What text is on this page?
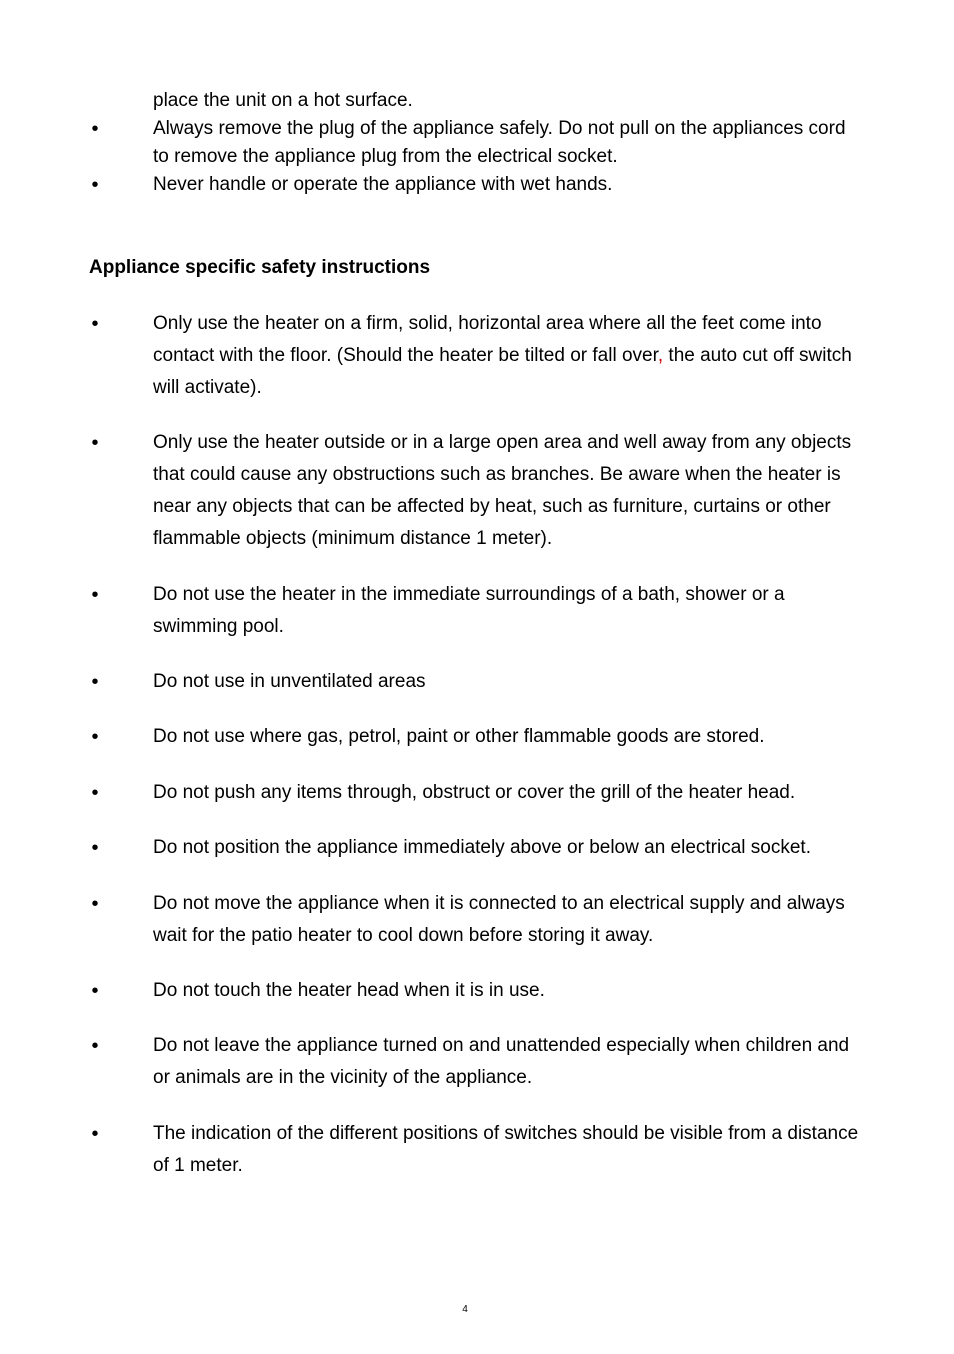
place the unit on a hot surface.
•	Always remove the plug of the appliance safely. Do not pull on the appliances cord to remove the appliance plug from the electrical socket.
•	Never handle or operate the appliance with wet hands.
Appliance specific safety instructions
•	Only use the heater on a firm, solid, horizontal area where all the feet come into contact with the floor. (Should the heater be tilted or fall over, the auto cut off switch will activate).
•	Only use the heater outside or in a large open area and well away from any objects that could cause any obstructions such as branches. Be aware when the heater is near any objects that can be affected by heat, such as furniture, curtains or other flammable objects (minimum distance 1 meter).
•	Do not use the heater in the immediate surroundings of a bath, shower or a swimming pool.
•	Do not use in unventilated areas
•	Do not use where gas, petrol, paint or other flammable goods are stored.
•	Do not push any items through, obstruct or cover the grill of the heater head.
•	Do not position the appliance immediately above or below an electrical socket.
•	Do not move the appliance when it is connected to an electrical supply and always wait for the patio heater to cool down before storing it away.
•	Do not touch the heater head when it is in use.
•	Do not leave the appliance turned on and unattended especially when children and or animals are in the vicinity of the appliance.
•	The indication of the different positions of switches should be visible from a distance of 1 meter.
4
